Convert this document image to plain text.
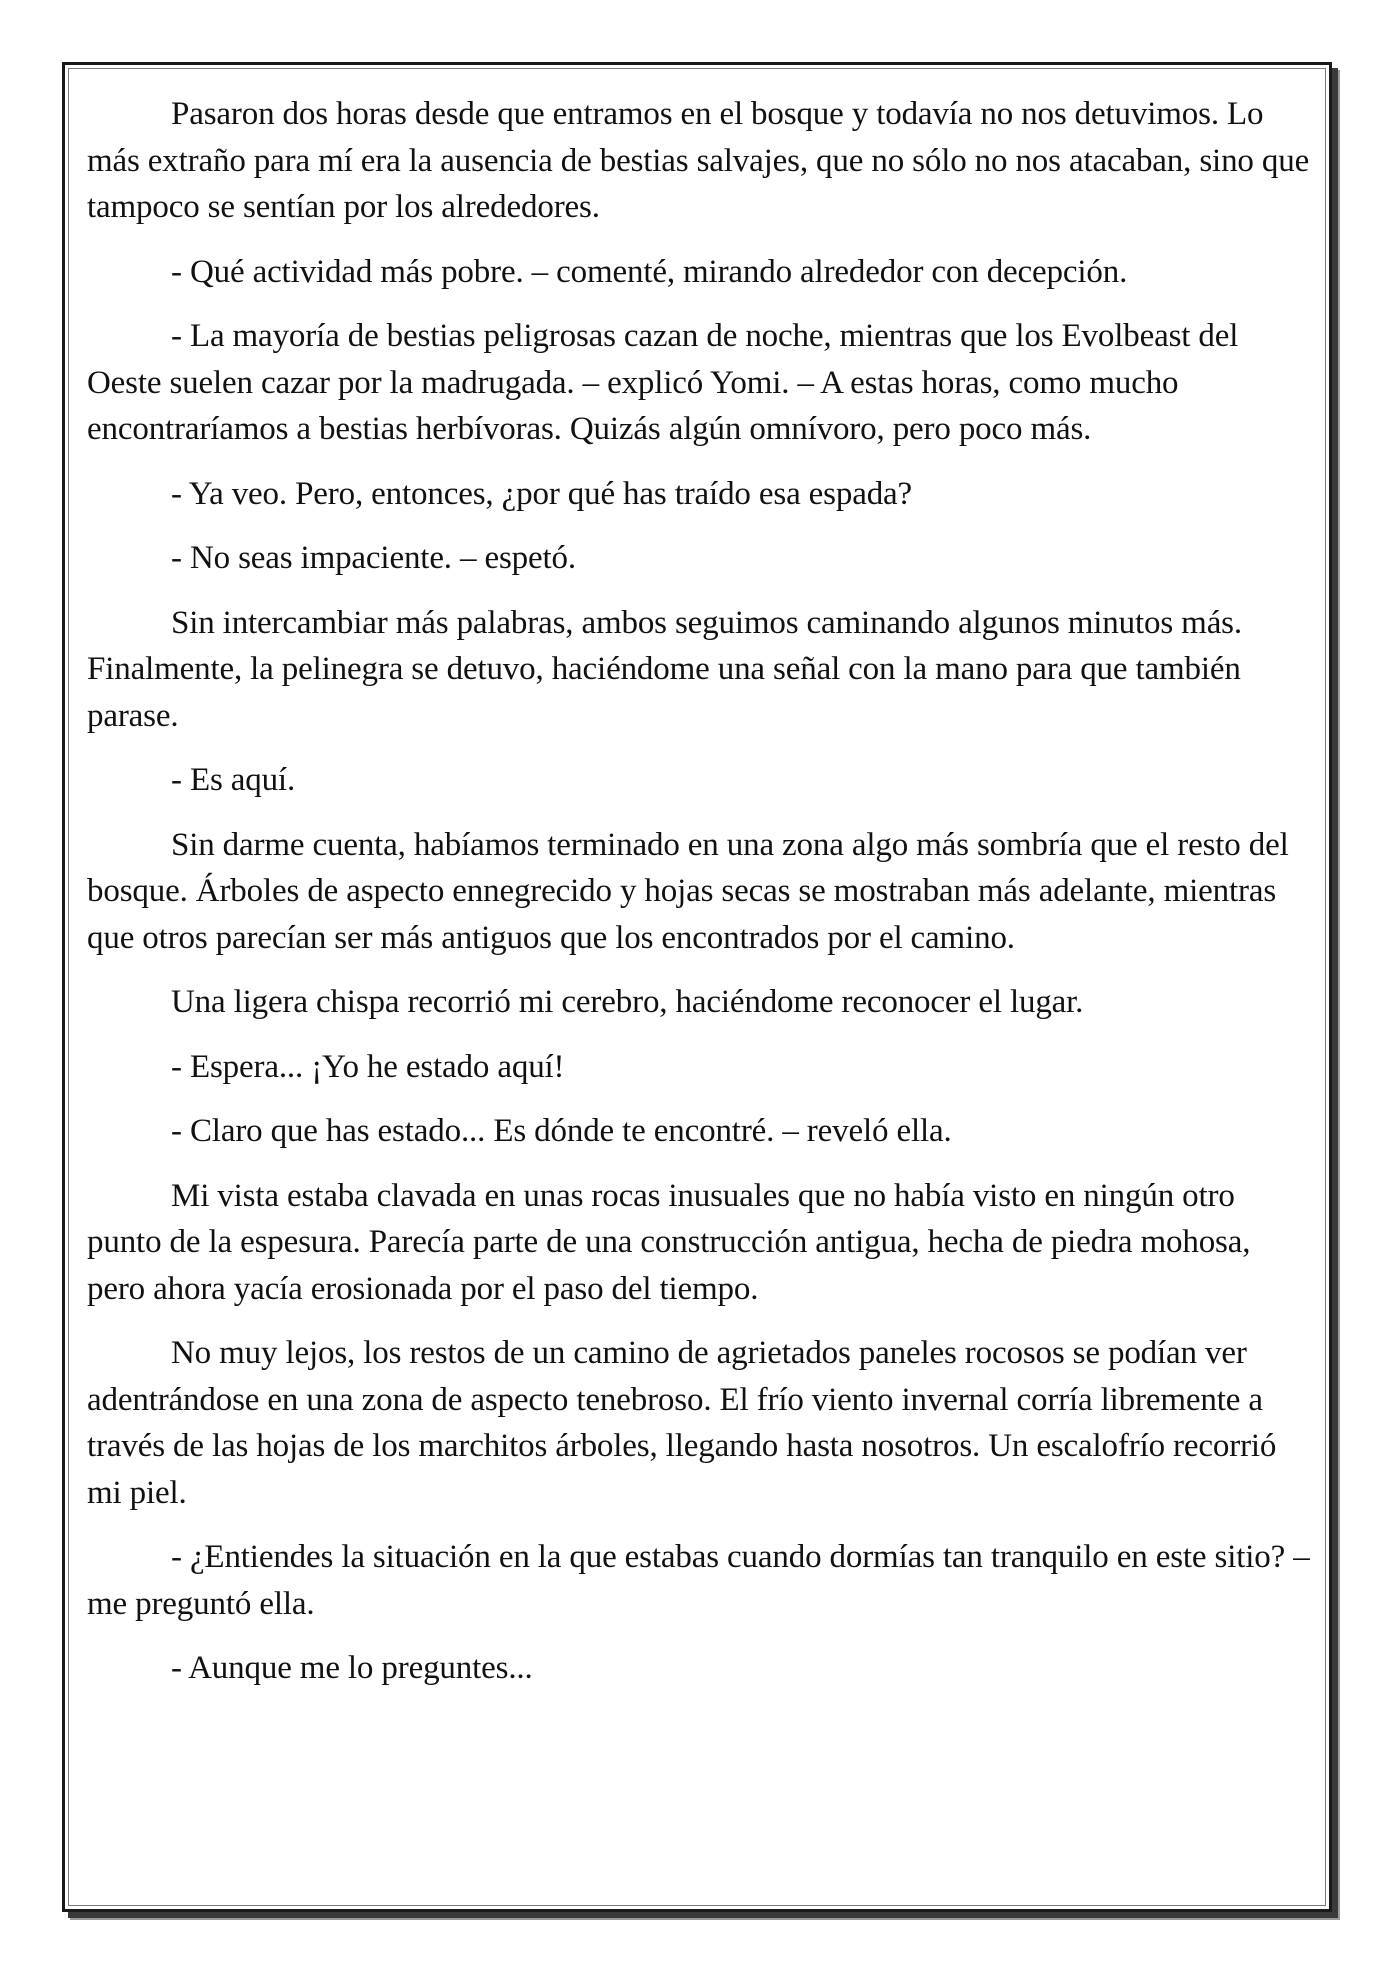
Pasaron dos horas desde que entramos en el bosque y todavía no nos detuvimos. Lo más extraño para mí era la ausencia de bestias salvajes, que no sólo no nos atacaban, sino que tampoco se sentían por los alrededores.

- Qué actividad más pobre. – comenté, mirando alrededor con decepción.

- La mayoría de bestias peligrosas cazan de noche, mientras que los Evolbeast del Oeste suelen cazar por la madrugada. – explicó Yomi. – A estas horas, como mucho encontraríamos a bestias herbívoras. Quizás algún omnívoro, pero poco más.

- Ya veo. Pero, entonces, ¿por qué has traído esa espada?

- No seas impaciente. – espetó.

Sin intercambiar más palabras, ambos seguimos caminando algunos minutos más. Finalmente, la pelinegra se detuvo, haciéndome una señal con la mano para que también parase.

- Es aquí.

Sin darme cuenta, habíamos terminado en una zona algo más sombría que el resto del bosque. Árboles de aspecto ennegrecido y hojas secas se mostraban más adelante, mientras que otros parecían ser más antiguos que los encontrados por el camino.

Una ligera chispa recorrió mi cerebro, haciéndome reconocer el lugar.

- Espera... ¡Yo he estado aquí!

- Claro que has estado... Es dónde te encontré. – reveló ella.

Mi vista estaba clavada en unas rocas inusuales que no había visto en ningún otro punto de la espesura. Parecía parte de una construcción antigua, hecha de piedra mohosa, pero ahora yacía erosionada por el paso del tiempo.

No muy lejos, los restos de un camino de agrietados paneles rocosos se podían ver adentrándose en una zona de aspecto tenebroso. El frío viento invernal corría libremente a través de las hojas de los marchitos árboles, llegando hasta nosotros. Un escalofrío recorrió mi piel.

- ¿Entiendes la situación en la que estabas cuando dormías tan tranquilo en este sitio? – me preguntó ella.

- Aunque me lo preguntes...
